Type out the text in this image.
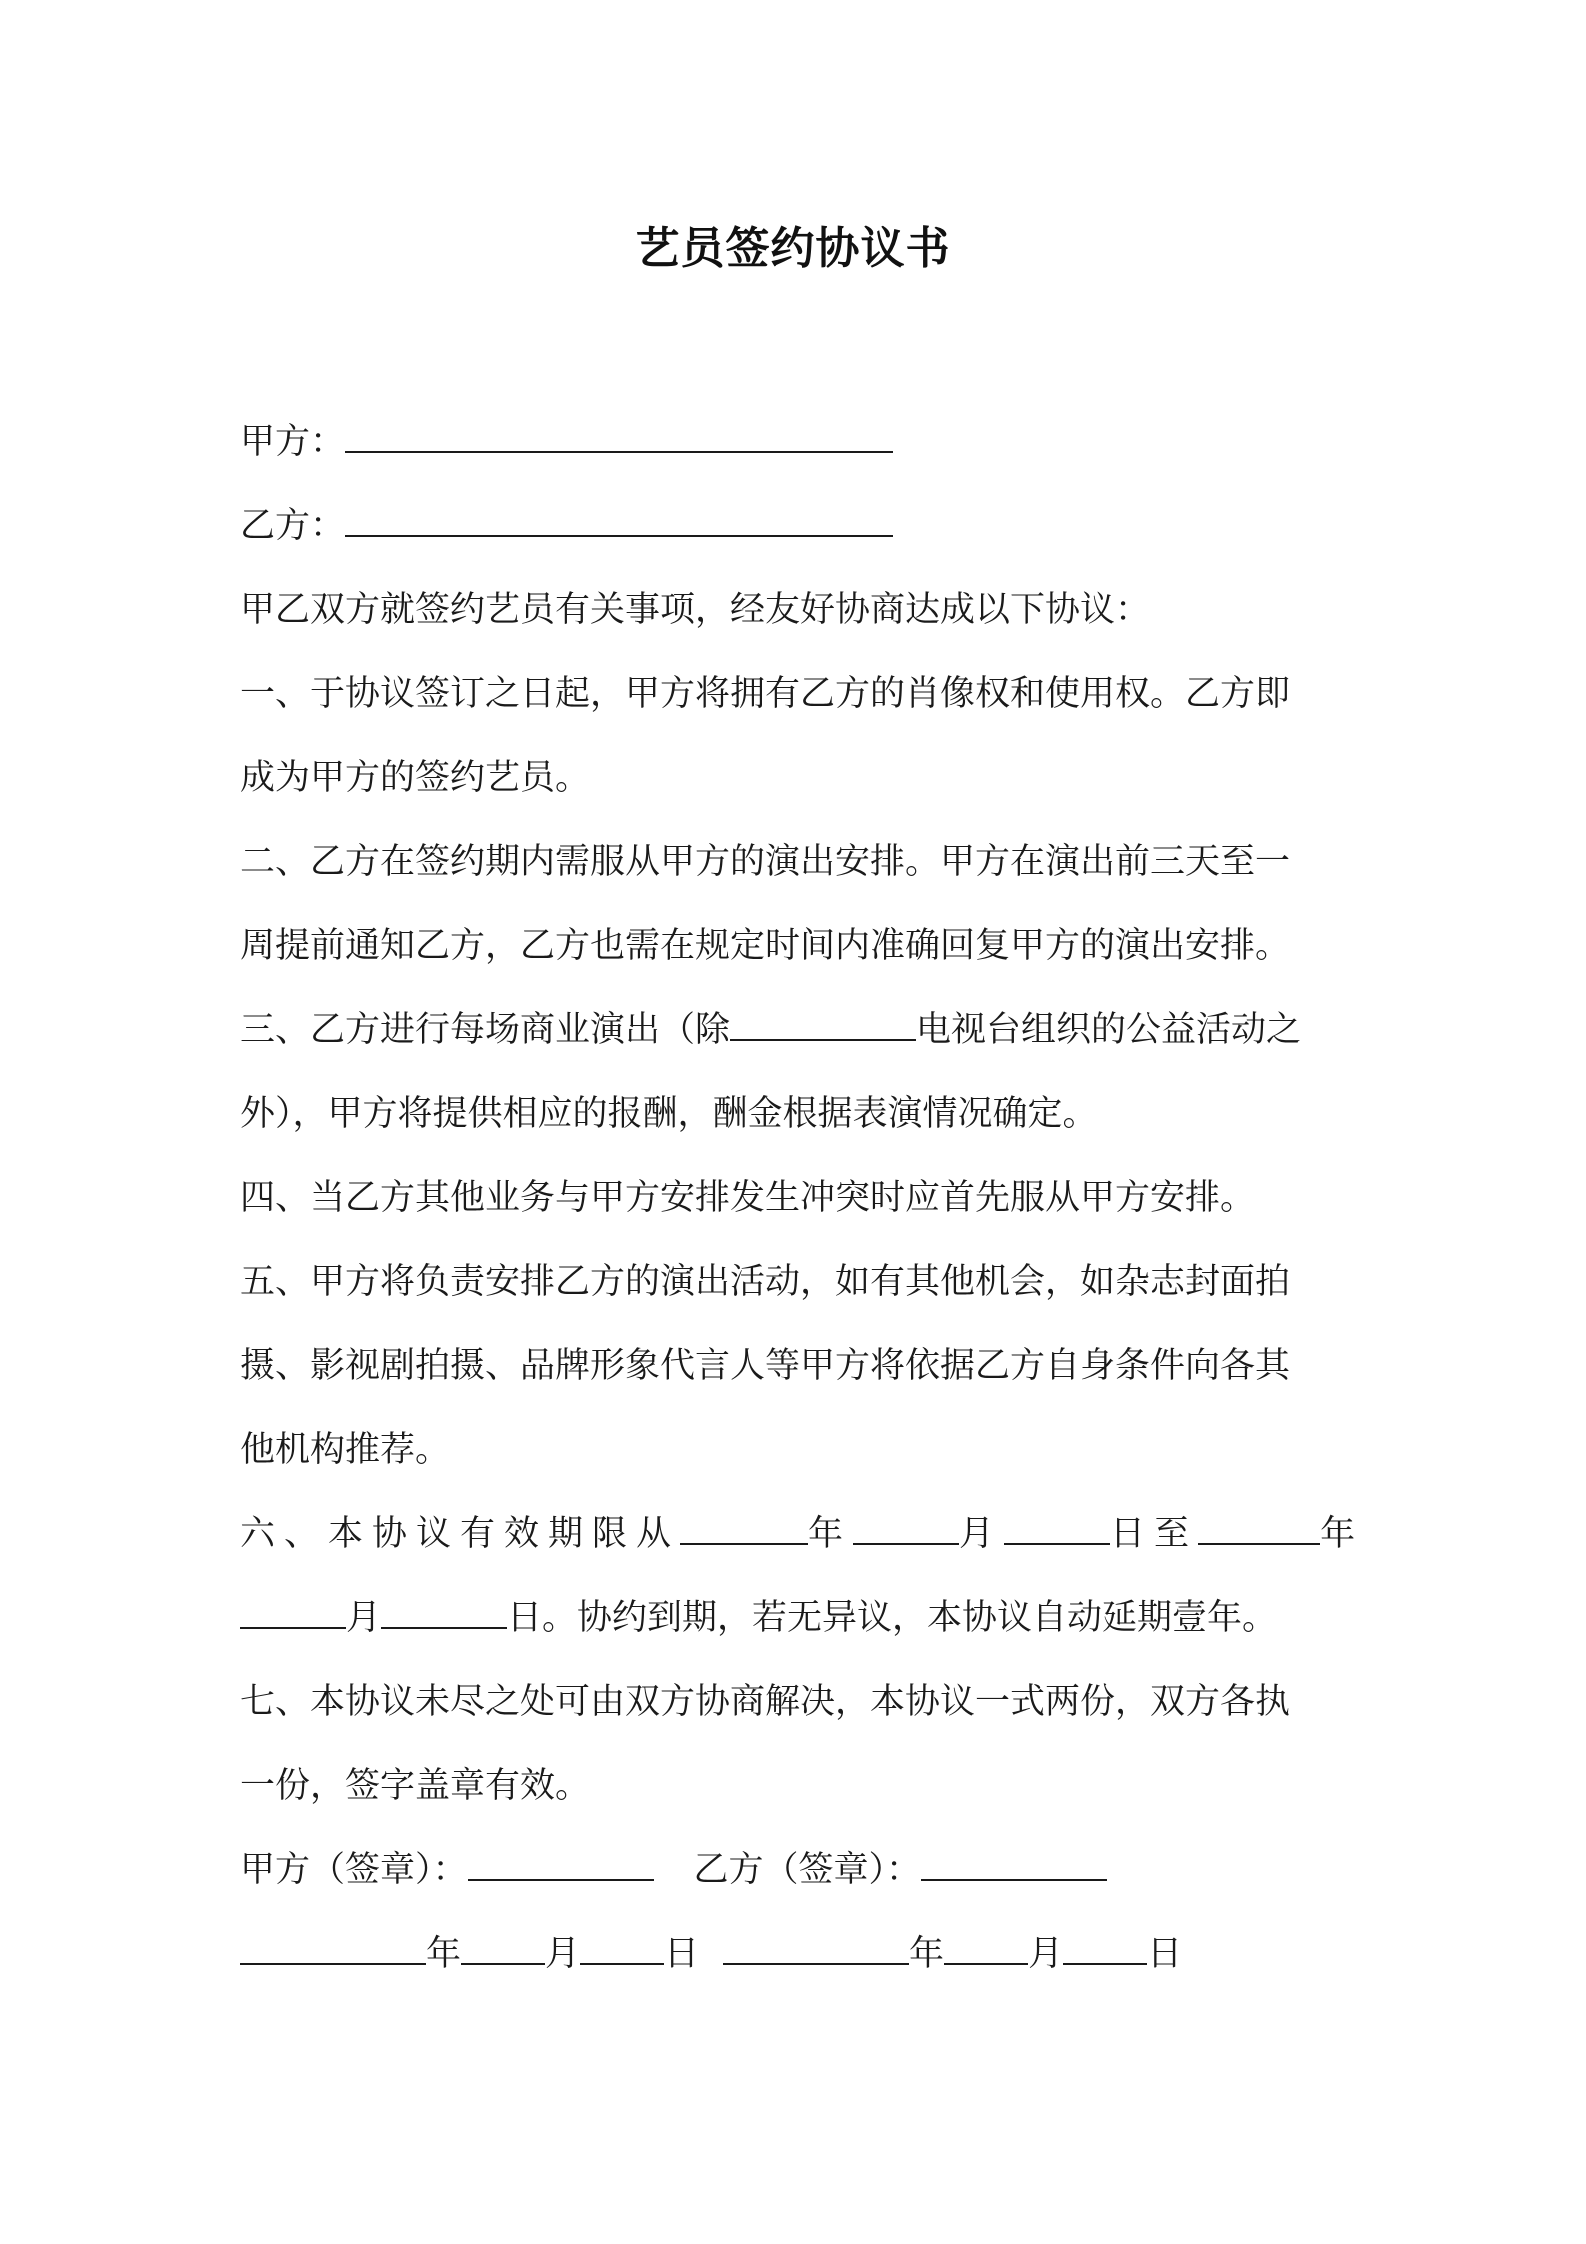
艺员签约协议书
甲方：
乙方：
甲乙双方就签约艺员有关事项，经友好协商达成以下协议：
一、于协议签订之日起，甲方将拥有乙方的肖像权和使用权。乙方即
成为甲方的签约艺员。
二、乙方在签约期内需服从甲方的演出安排。甲方在演出前三天至一
周提前通知乙方，乙方也需在规定时间内准确回复甲方的演出安排。
三、乙方进行每场商业演出（除	电视台组织的公益活动之
外），甲方将提供相应的报酬，酬金根据表演情况确定。
四、当乙方其他业务与甲方安排发生冲突时应首先服从甲方安排。
五、甲方将负责安排乙方的演出活动，如有其他机会，如杂志封面拍
摄、影视剧拍摄、品牌形象代言人等甲方将依据乙方自身条件向各其
他机构推荐。
六、本协议有效期限从	年	月	日至	年
月	日。协约到期，若无异议，本协议自动延期壹年。
七、本协议未尽之处可由双方协商解决，本协议一式两份，双方各执
一份，签字盖章有效。
甲方（签章）：	乙方（签章）：
年 月 日	年 月 日
